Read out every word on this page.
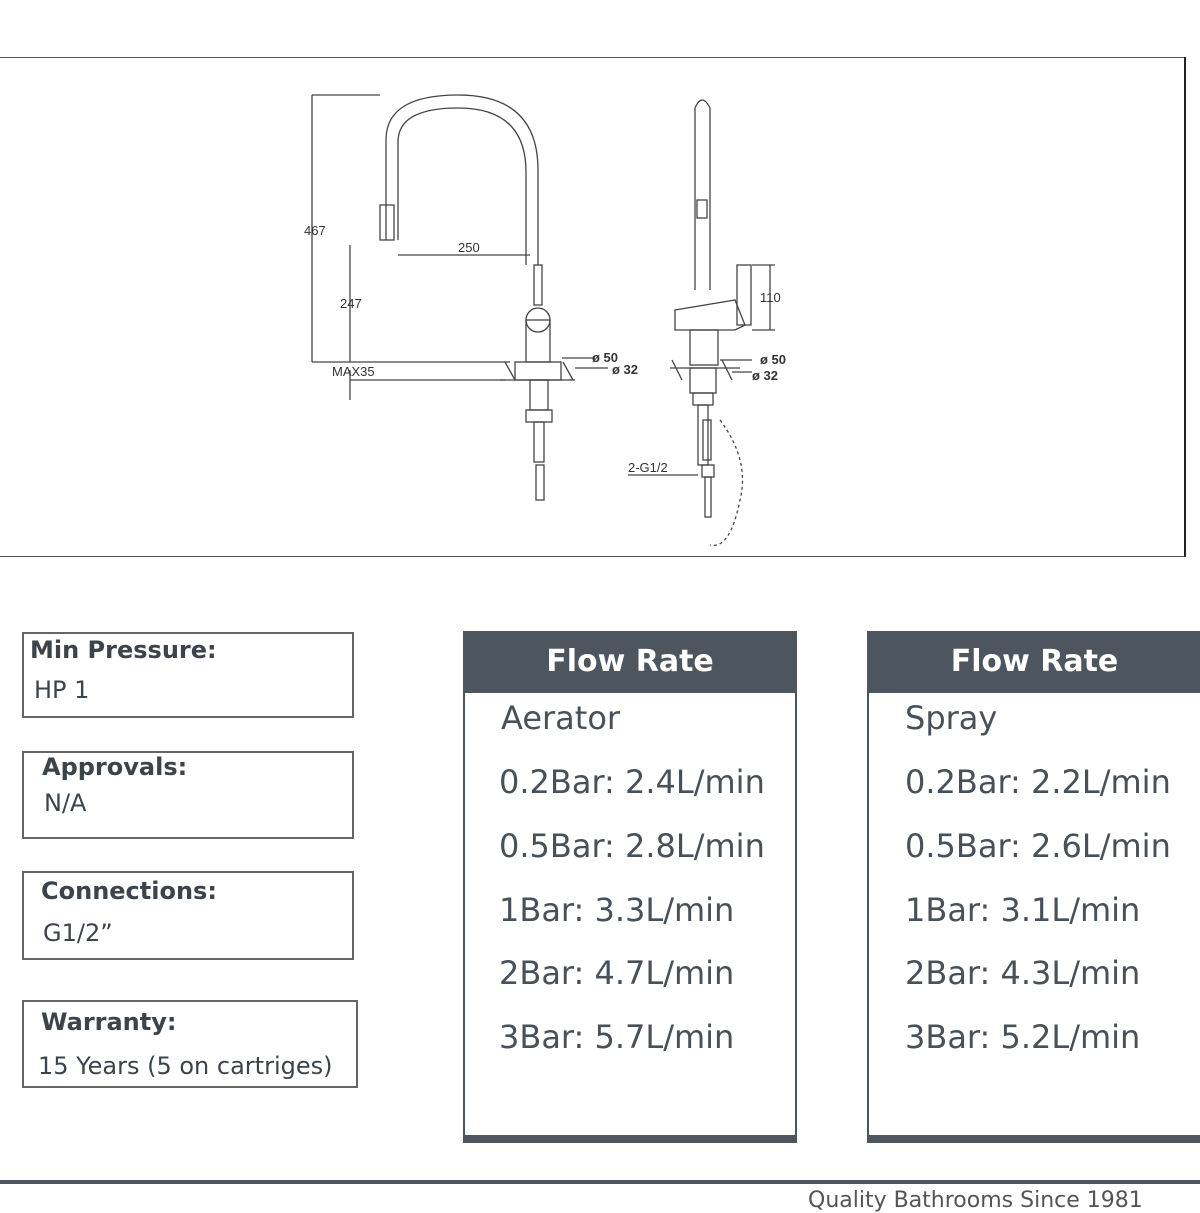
467
250
247
MAX35
110
ø 50
ø 32
ø 50
ø 32
2-G1/2
Min Pressure:
HP 1
Approvals:
N/A
Connections:
G1/2”
Warranty:
15 Years (5 on cartriges)
Flow Rate
Aerator
0.2Bar: 2.4L/min
0.5Bar: 2.8L/min
1Bar: 3.3L/min
2Bar: 4.7L/min
3Bar: 5.7L/min
Flow Rate
Spray
0.2Bar: 2.2L/min
0.5Bar: 2.6L/min
1Bar: 3.1L/min
2Bar: 4.3L/min
3Bar: 5.2L/min
Quality Bathrooms Since 1981
